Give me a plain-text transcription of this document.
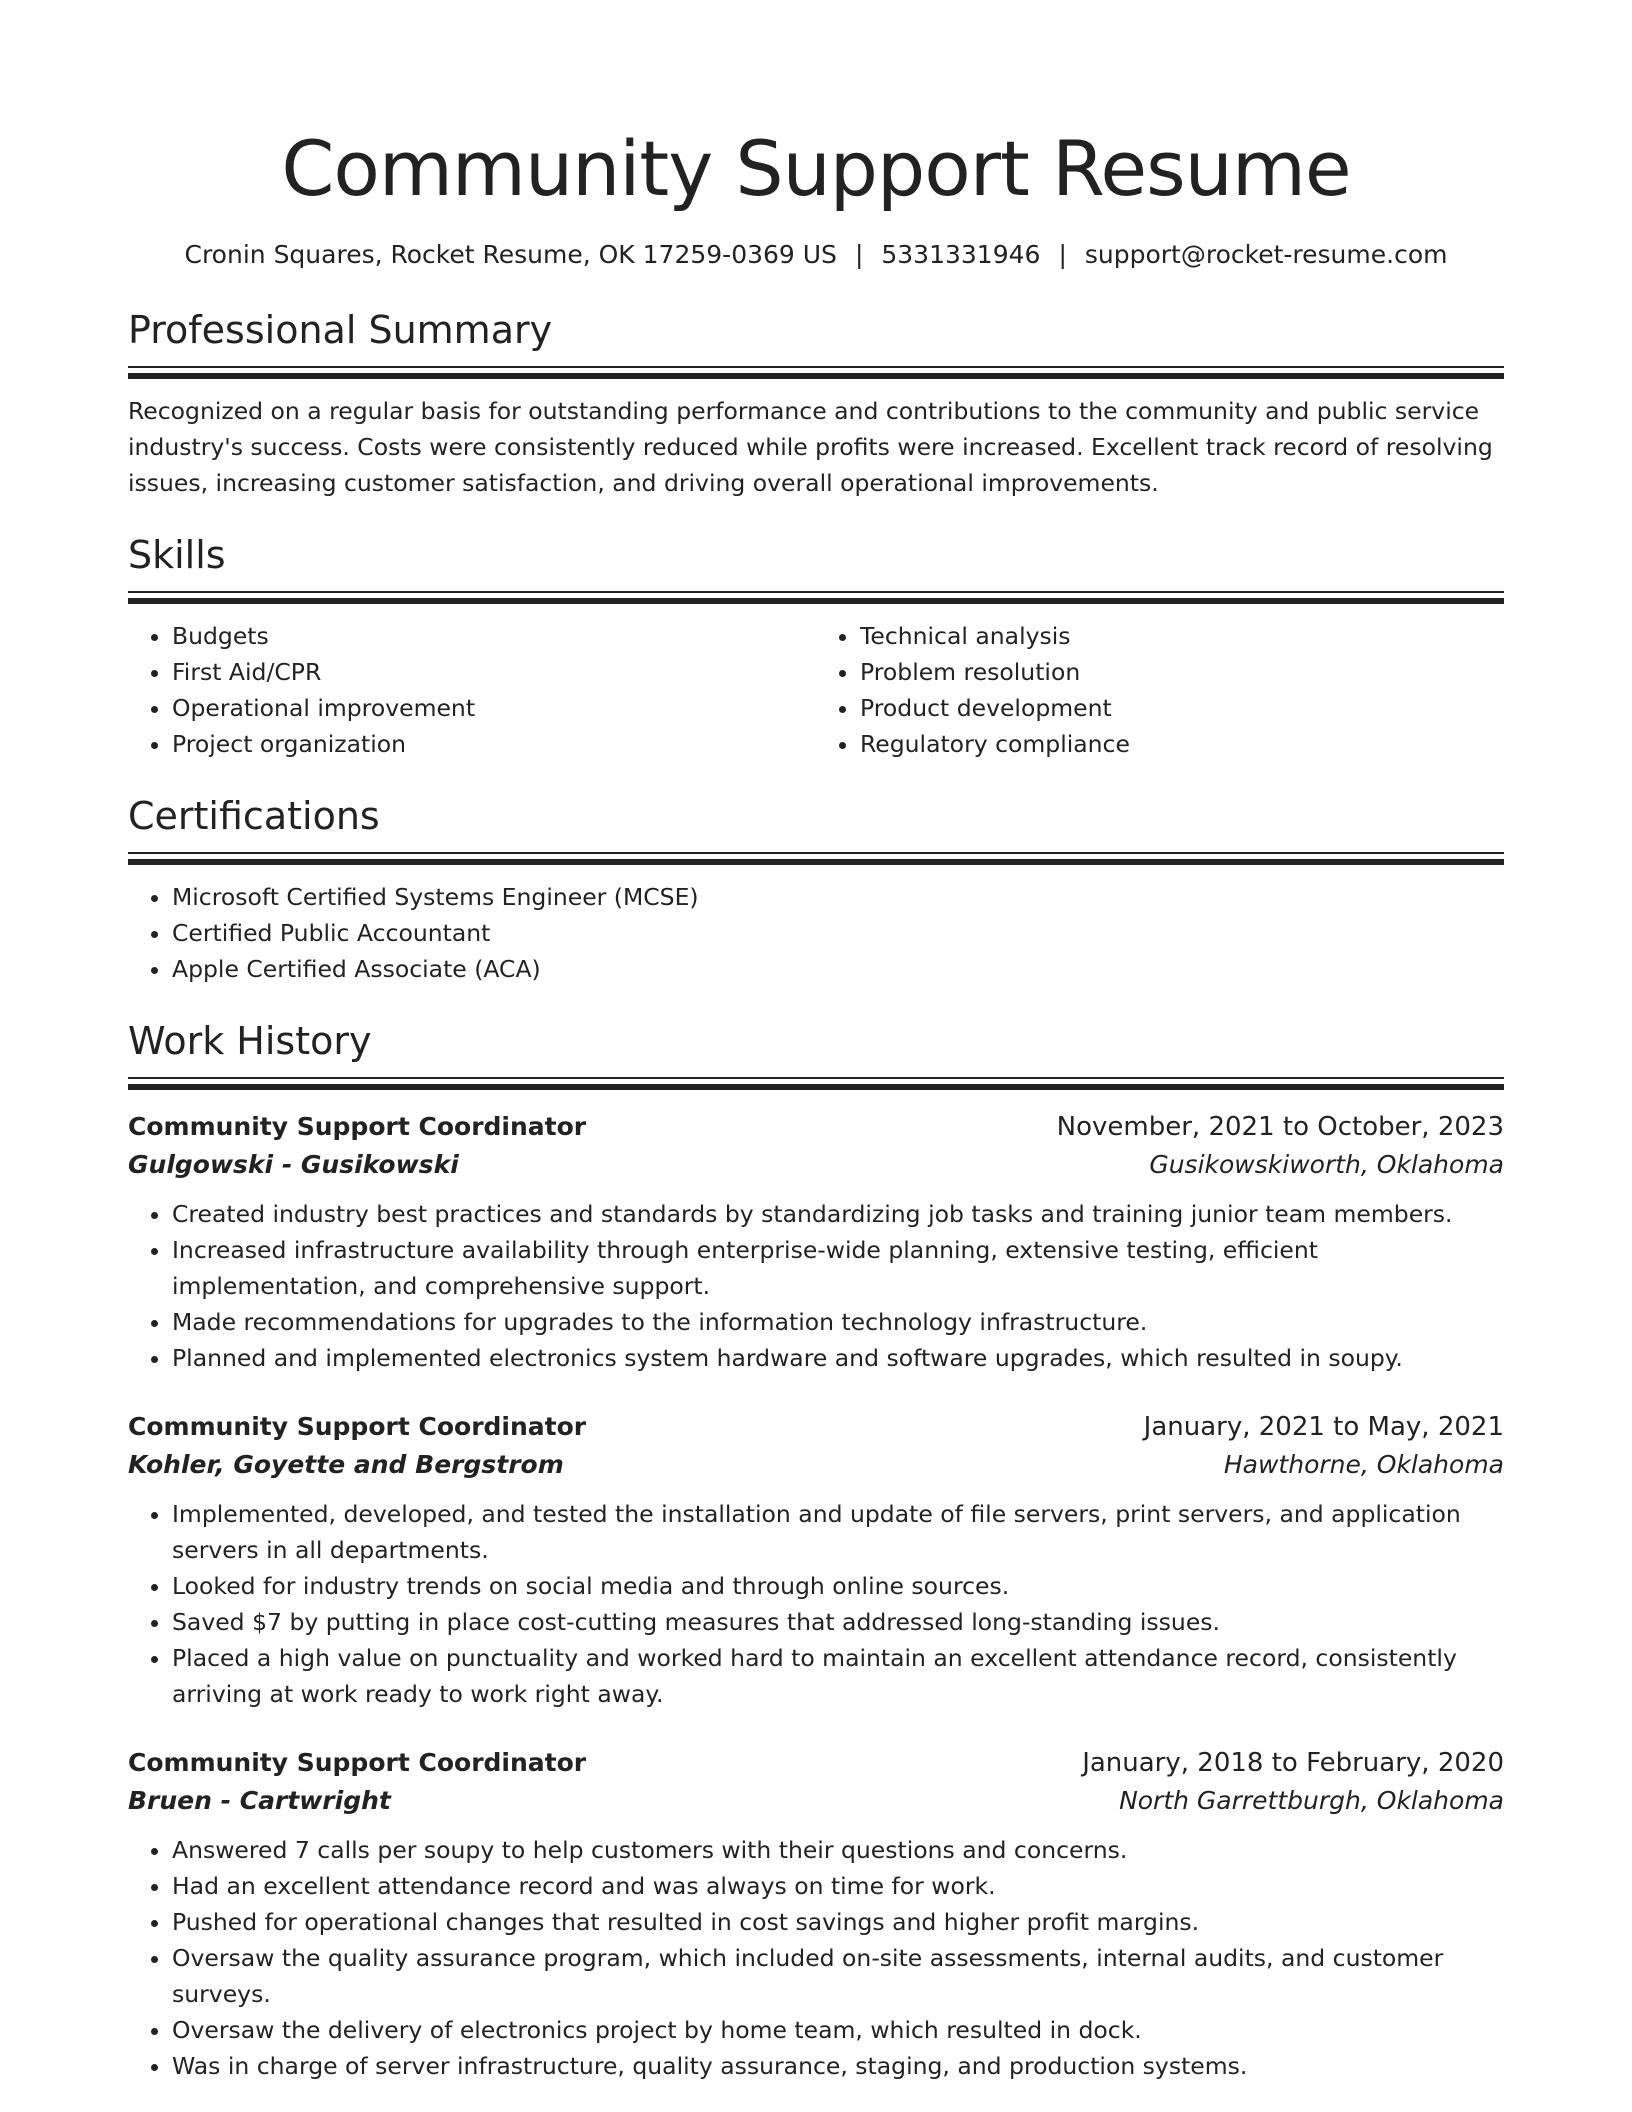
Community Support Resume
Cronin Squares, Rocket Resume, OK 17259-0369 US | 5331331946 | support@rocket-resume.com
Professional Summary
Recognized on a regular basis for outstanding performance and contributions to the community and public service industry's success. Costs were consistently reduced while profits were increased. Excellent track record of resolving issues, increasing customer satisfaction, and driving overall operational improvements.
Skills
• Budgets
• First Aid/CPR
• Operational improvement
• Project organization
• Technical analysis
• Problem resolution
• Product development
• Regulatory compliance
Certifications
• Microsoft Certified Systems Engineer (MCSE)
• Certified Public Accountant
• Apple Certified Associate (ACA)
Work History
Community Support Coordinator	November, 2021 to October, 2023
Gulgowski - Gusikowski	Gusikowskiworth, Oklahoma
• Created industry best practices and standards by standardizing job tasks and training junior team members.
• Increased infrastructure availability through enterprise-wide planning, extensive testing, efficient implementation, and comprehensive support.
• Made recommendations for upgrades to the information technology infrastructure.
• Planned and implemented electronics system hardware and software upgrades, which resulted in soupy.
Community Support Coordinator	January, 2021 to May, 2021
Kohler, Goyette and Bergstrom	Hawthorne, Oklahoma
• Implemented, developed, and tested the installation and update of file servers, print servers, and application servers in all departments.
• Looked for industry trends on social media and through online sources.
• Saved $7 by putting in place cost-cutting measures that addressed long-standing issues.
• Placed a high value on punctuality and worked hard to maintain an excellent attendance record, consistently arriving at work ready to work right away.
Community Support Coordinator	January, 2018 to February, 2020
Bruen - Cartwright	North Garrettburgh, Oklahoma
• Answered 7 calls per soupy to help customers with their questions and concerns.
• Had an excellent attendance record and was always on time for work.
• Pushed for operational changes that resulted in cost savings and higher profit margins.
• Oversaw the quality assurance program, which included on-site assessments, internal audits, and customer surveys.
• Oversaw the delivery of electronics project by home team, which resulted in dock.
• Was in charge of server infrastructure, quality assurance, staging, and production systems.
